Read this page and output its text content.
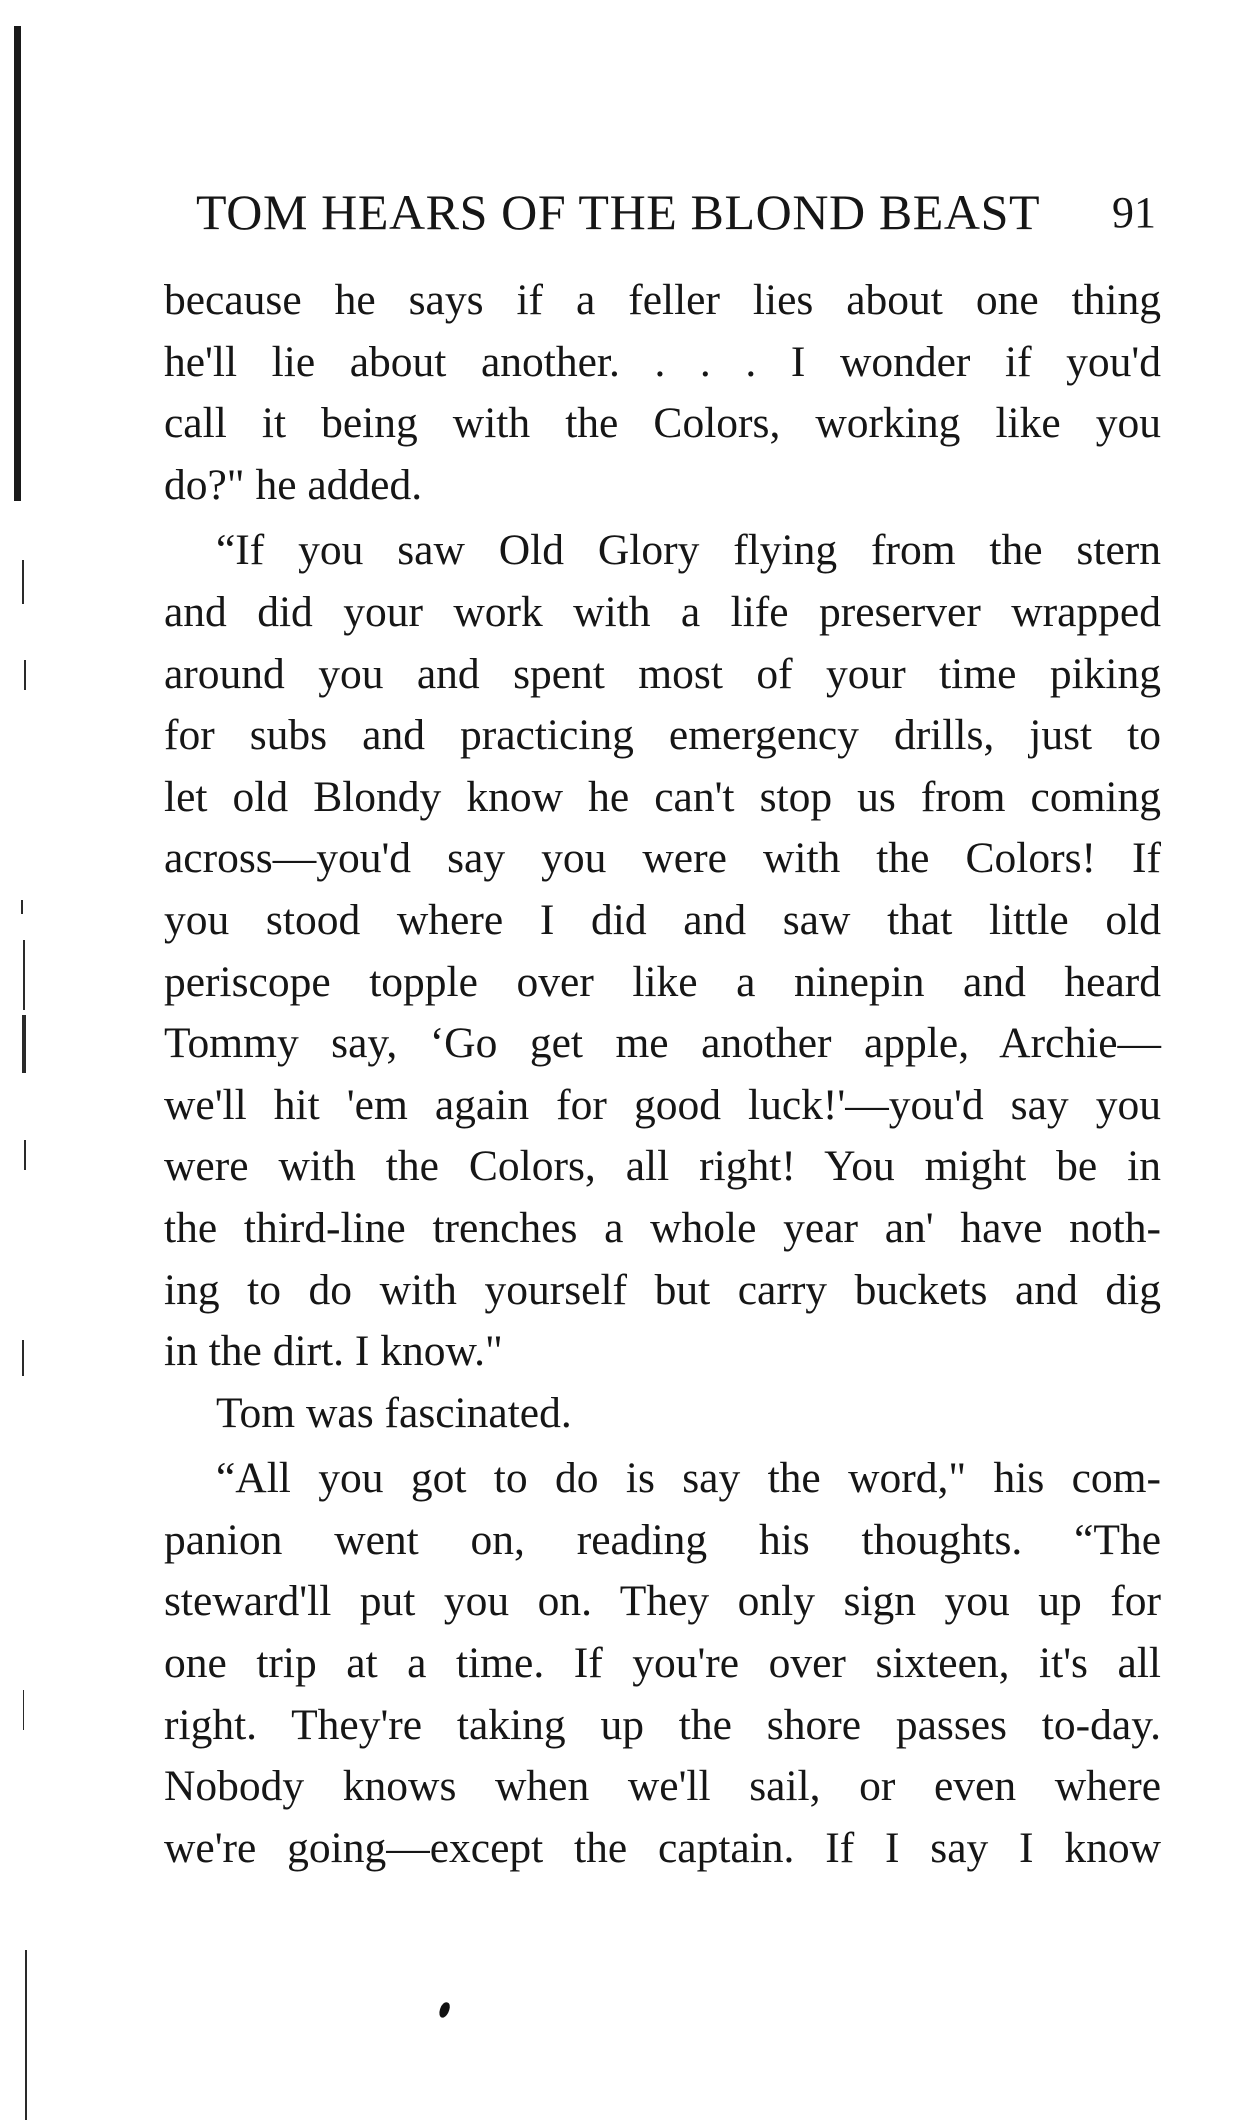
TOM HEARS OF THE BLOND BEAST 91
because he says if a feller lies about one thing
he'll lie about another. . . . I wonder if you'd
call it being with the Colors, working like you
do?" he added.
“If you saw Old Glory flying from the stern
and did your work with a life preserver wrapped
around you and spent most of your time piking
for subs and practicing emergency drills, just to
let old Blondy know he can't stop us from coming
across—you'd say you were with the Colors! If
you stood where I did and saw that little old
periscope topple over like a ninepin and heard
Tommy say, ‘Go get me another apple, Archie—
we'll hit 'em again for good luck!'—you'd say you
were with the Colors, all right! You might be in
the third-line trenches a whole year an' have noth-
ing to do with yourself but carry buckets and dig
in the dirt. I know."
Tom was fascinated.
“All you got to do is say the word," his com-
panion went on, reading his thoughts. “The
steward'll put you on. They only sign you up for
one trip at a time. If you're over sixteen, it's all
right. They're taking up the shore passes to-day.
Nobody knows when we'll sail, or even where
we're going—except the captain. If I say I know
